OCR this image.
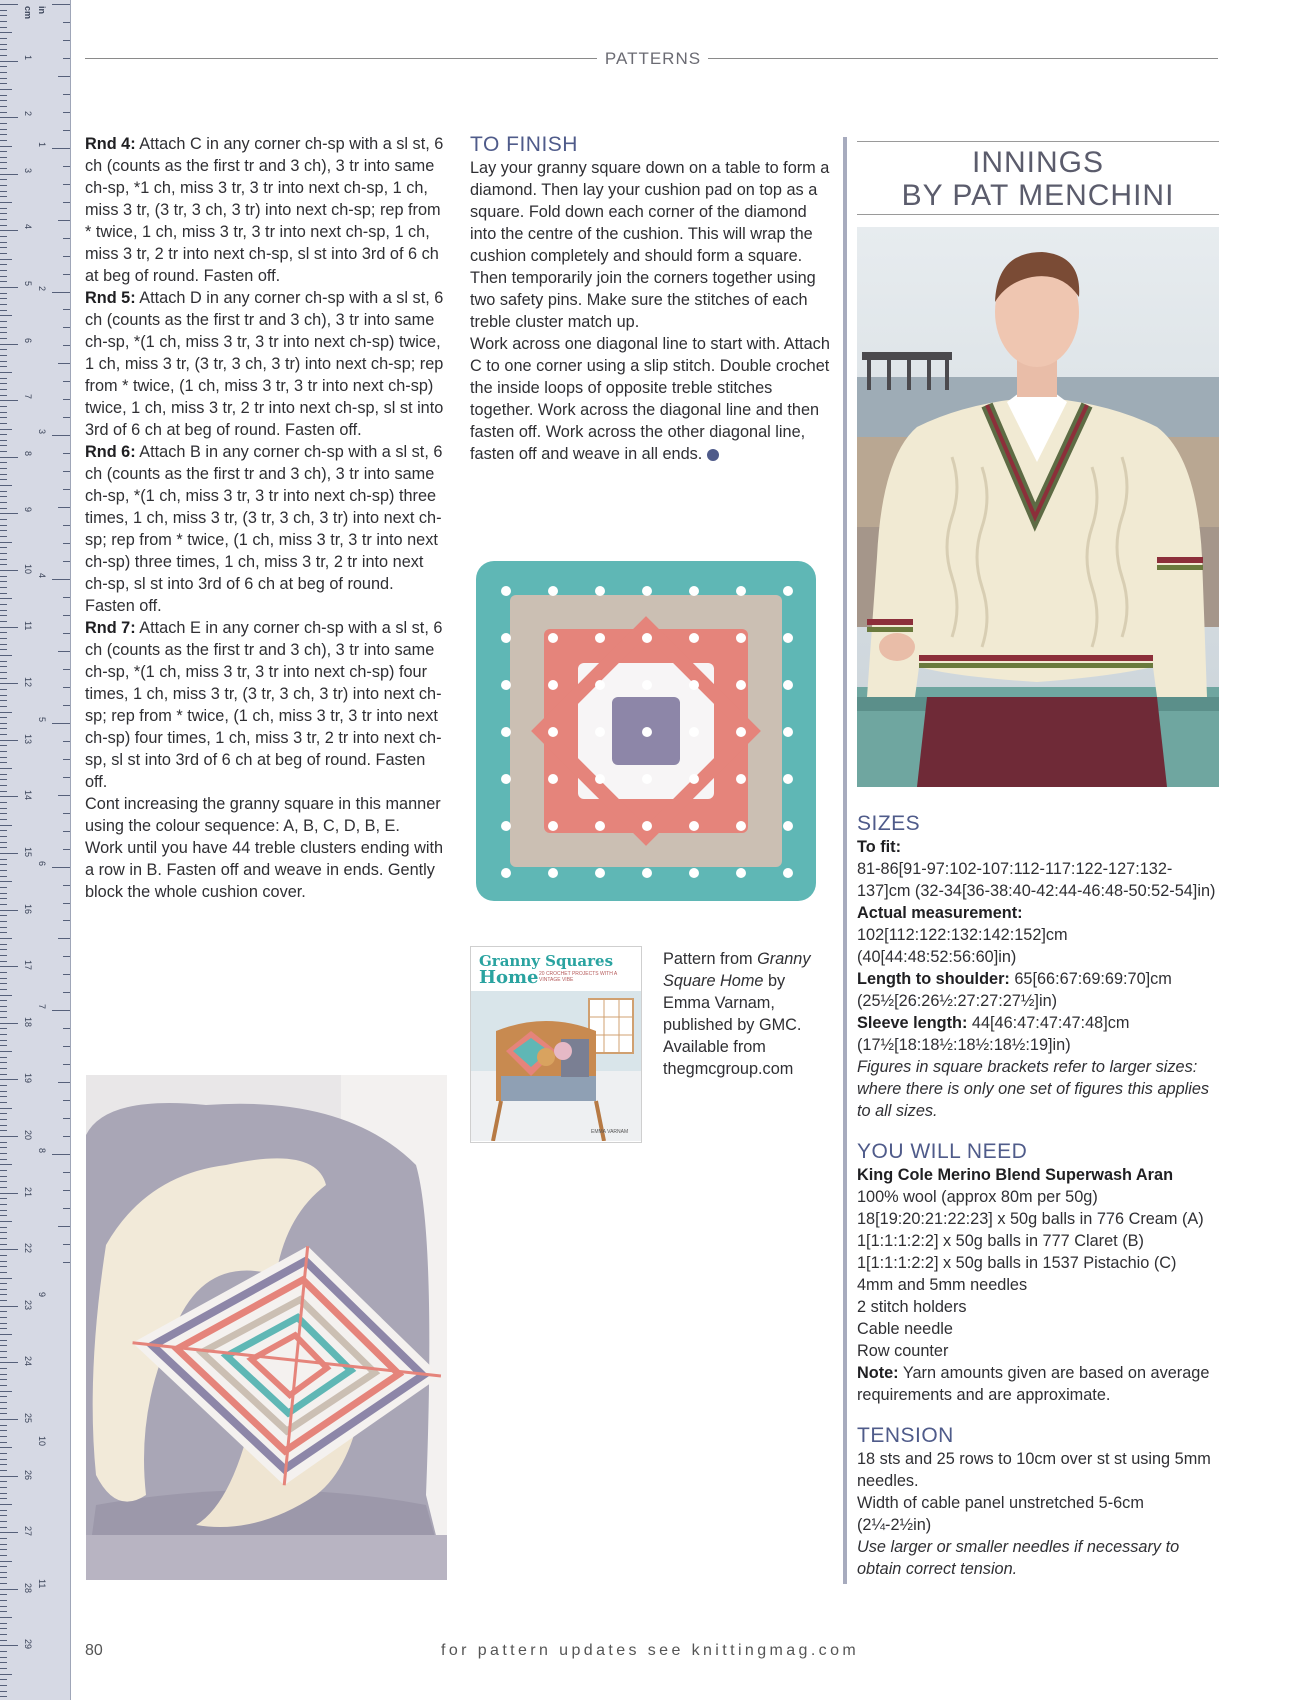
cm in
1
2
3
4
5
6
7
8
9
10
11
12
13
14
15
16
17
18
19
20
21
22
23
24
25
26
27
28
29
1
2
3
4
5
6
7
8
9
10
11
PATTERNS

Rnd 4: Attach C in any corner ch-sp with a sl st, 6 ch (counts as the first tr and 3 ch), 3 tr into same ch-sp, *1 ch, miss 3 tr, 3 tr into next ch-sp, 1 ch, miss 3 tr, (3 tr, 3 ch, 3 tr) into next ch-sp; rep from * twice, 1 ch, miss 3 tr, 3 tr into next ch-sp, 1 ch, miss 3 tr, 2 tr into next ch-sp, sl st into 3rd of 6 ch at beg of round. Fasten off.

Rnd 5: Attach D in any corner ch-sp with a sl st, 6 ch (counts as the first tr and 3 ch), 3 tr into same ch-sp, *(1 ch, miss 3 tr, 3 tr into next ch-sp) twice, 1 ch, miss 3 tr, (3 tr, 3 ch, 3 tr) into next ch-sp; rep from * twice, (1 ch, miss 3 tr, 3 tr into next ch-sp) twice, 1 ch, miss 3 tr, 2 tr into next ch-sp, sl st into 3rd of 6 ch at beg of round. Fasten off.

Rnd 6: Attach B in any corner ch-sp with a sl st, 6 ch (counts as the first tr and 3 ch), 3 tr into same ch-sp, *(1 ch, miss 3 tr, 3 tr into next ch-sp) three times, 1 ch, miss 3 tr, (3 tr, 3 ch, 3 tr) into next ch-sp; rep from * twice, (1 ch, miss 3 tr, 3 tr into next ch-sp) three times, 1 ch, miss 3 tr, 2 tr into next ch-sp, sl st into 3rd of 6 ch at beg of round. Fasten off.

Rnd 7: Attach E in any corner ch-sp with a sl st, 6 ch (counts as the first tr and 3 ch), 3 tr into same ch-sp, *(1 ch, miss 3 tr, 3 tr into next ch-sp) four times, 1 ch, miss 3 tr, (3 tr, 3 ch, 3 tr) into next ch-sp; rep from * twice, (1 ch, miss 3 tr, 3 tr into next ch-sp) four times, 1 ch, miss 3 tr, 2 tr into next ch-sp, sl st into 3rd of 6 ch at beg of round. Fasten off.

Cont increasing the granny square in this manner using the colour sequence: A, B, C, D, B, E.

Work until you have 44 treble clusters ending with a row in B. Fasten off and weave in ends. Gently block the whole cushion cover.

TO FINISH

Lay your granny square down on a table to form a diamond. Then lay your cushion pad on top as a square. Fold down each corner of the diamond into the centre of the cushion. This will wrap the cushion completely and should form a square. Then temporarily join the corners together using two safety pins. Make sure the stitches of each treble cluster match up.

Work across one diagonal line to start with. Attach C to one corner using a slip stitch. Double crochet the inside loops of opposite treble stitches together. Work across the diagonal line and then fasten off. Work across the other diagonal line, fasten off and weave in all ends.

Granny Squares
Home 20 CROCHET PROJECTS WITH A VINTAGE VIBE
EMMA VARNAM
Pattern from Granny Square Home by Emma Varnam, published by GMC. Available from thegmcgroup.com
INNINGS
BY PAT MENCHINI

SIZES

To fit:
81-86[91-97:102-107:112-117:122-127:132-137]cm (32-34[36-38:40-42:44-46:48-50:52-54]in)

Actual measurement:
102[112:122:132:142:152]cm (40[44:48:52:56:60]in)

Length to shoulder: 65[66:67:69:69:70]cm (25½[26:26½:27:27:27½]in)

Sleeve length: 44[46:47:47:47:48]cm (17½[18:18½:18½:18½:19]in)

Figures in square brackets refer to larger sizes: where there is only one set of figures this applies to all sizes.

YOU WILL NEED

King Cole Merino Blend Superwash Aran

100% wool (approx 80m per 50g)

18[19:20:21:22:23] x 50g balls in 776 Cream (A)

1[1:1:1:2:2] x 50g balls in 777 Claret (B)

1[1:1:1:2:2] x 50g balls in 1537 Pistachio (C)

4mm and 5mm needles

2 stitch holders

Cable needle

Row counter

Note: Yarn amounts given are based on average requirements and are approximate.

TENSION

18 sts and 25 rows to 10cm over st st using 5mm needles.

Width of cable panel unstretched 5-6cm (2¼-2½in)

Use larger or smaller needles if necessary to obtain correct tension.

80	for pattern updates see knittingmag.com
